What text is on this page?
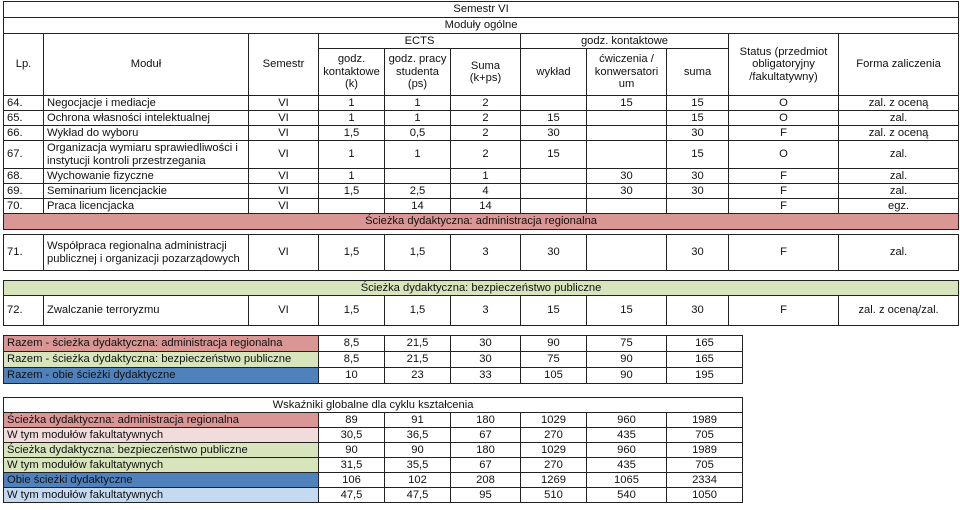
Semestr VI										
Moduły ogólne										
Lp.	Moduł	Semestr	ECTS			godz. kontaktowe			Status (przedmiot obligatoryjny /fakultatywny)	Forma zaliczenia
			godz. kontaktowe (k)	godz. pracy studenta (ps)	Suma (k+ps)	wykład	ćwiczenia / konwersatori um	suma		
64.	Negocjacje i mediacje	VI	1	1	2		15	15	O	zal. z oceną
65.	Ochrona własności intelektualnej	VI	1	1	2	15		15	O	zal.
66.	Wykład do wyboru	VI	1,5	0,5	2	30		30	F	zal. z oceną
67.	Organizacja wymiaru sprawiedliwości i instytucji kontroli przestrzegania	VI	1	1	2	15		15	O	zal.
68.	Wychowanie fizyczne	VI	1		1		30	30	F	zal.
69.	Seminarium licencjackie	VI	1,5	2,5	4		30	30	F	zal.
70.	Praca licencjacka	VI		14	14				F	egz.
Ścieżka dydaktyczna: administracja regionalna										

71.	Współpraca regionalna administracji publicznej i organizacji pozarządowych	VI	1,5	1,5	3	30		30	F	zal.

Ścieżka dydaktyczna: bezpieczeństwo publiczne										
72.	Zwalczanie terroryzmu	VI	1,5	1,5	3	15	15	30	F	zal. z oceną/zal.
Razem - ścieżka dydaktyczna: administracja regionalna	8,5	21,5	30	90	75	165
Razem - ścieżka dydaktyczna: bezpieczeństwo publiczne	8,5	21,5	30	75	90	165
Razem - obie ścieżki dydaktyczne	10	23	33	105	90	195
Wskaźniki globalne dla cyklu kształcenia						
Ścieżka dydaktyczna: administracja regionalna	89	91	180	1029	960	1989
W tym modułów fakultatywnych	30,5	36,5	67	270	435	705
Ścieżka dydaktyczna: bezpieczeństwo publiczne	90	90	180	1029	960	1989
W tym modułów fakultatywnych	31,5	35,5	67	270	435	705
Obie ścieżki dydaktyczne	106	102	208	1269	1065	2334
W tym modułów fakultatywnych	47,5	47,5	95	510	540	1050
